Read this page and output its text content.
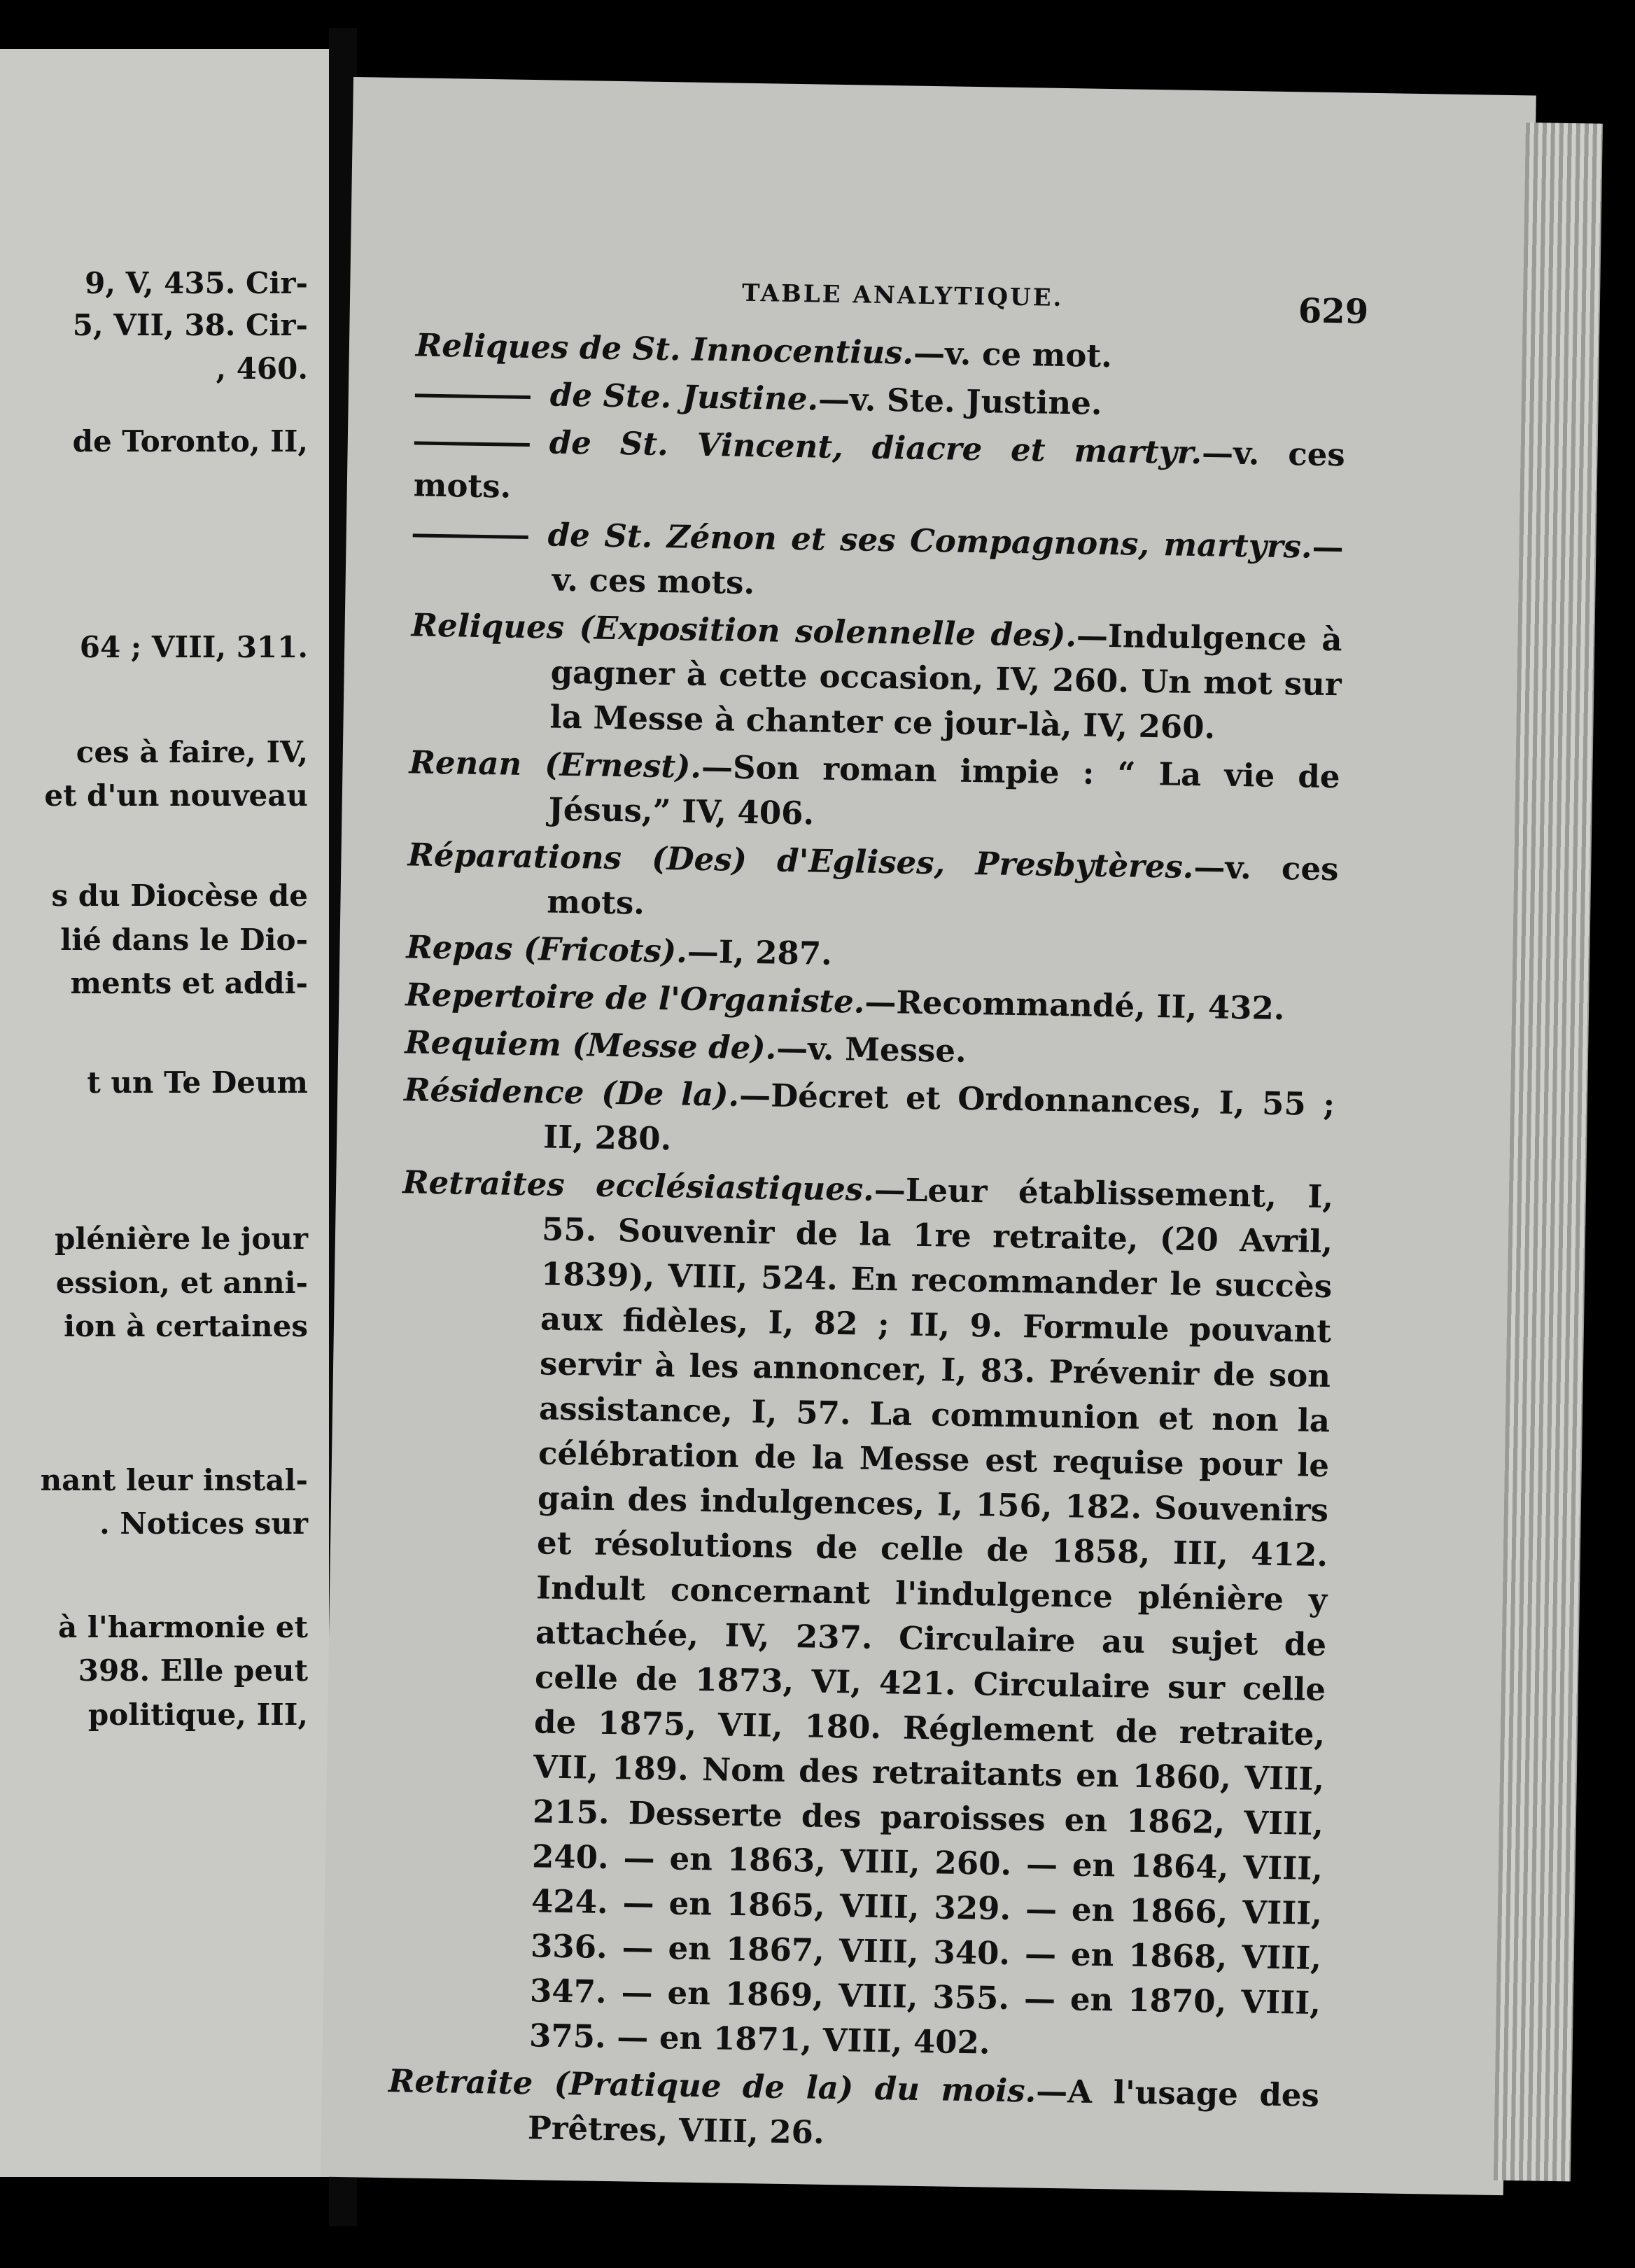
9, V, 435. Cir-
5, VII, 38. Cir-
, 460.
de Toronto, II,
64 ; VIII, 311.
ces à faire, IV,
et d'un nouveau
s du Diocèse de
lié dans le Dio-
ments et addi-
t un Te Deum
plénière le jour
ession, et anni-
ion à certaines
nant leur instal-
. Notices sur
à l'harmonie et
398. Elle peut
politique, III,
TABLE ANALYTIQUE.	629
Reliques de St. Innocentius.—v. ce mot.
de Ste. Justine.—v. Ste. Justine.
de St. Vincent, diacre et martyr.—v. ces mots.
de St. Zénon et ses Compagnons, martyrs.—v. ces mots.
Reliques (Exposition solennelle des).—Indulgence à gagner à cette occasion, IV, 260. Un mot sur la Messe à chanter ce jour-là, IV, 260.
Renan (Ernest).—Son roman impie : “ La vie de Jésus,” IV, 406.
Réparations (Des) d'Eglises, Presbytères.—v. ces mots.
Repas (Fricots).—I, 287.
Repertoire de l'Organiste.—Recommandé, II, 432.
Requiem (Messe de).—v. Messe.
Résidence (De la).—Décret et Ordonnances, I, 55 ; II, 280.
Retraites ecclésiastiques.—Leur établissement, I, 55. Souvenir de la 1re retraite, (20 Avril, 1839), VIII, 524. En recommander le succès aux fidèles, I, 82 ; II, 9. Formule pouvant servir à les annoncer, I, 83. Prévenir de son assistance, I, 57. La communion et non la célébration de la Messe est requise pour le gain des indulgences, I, 156, 182. Souvenirs et résolutions de celle de 1858, III, 412. Indult concernant l'indulgence plénière y attachée, IV, 237. Circulaire au sujet de celle de 1873, VI, 421. Circulaire sur celle de 1875, VII, 180. Réglement de retraite, VII, 189. Nom des retraitants en 1860, VIII, 215. Desserte des paroisses en 1862, VIII, 240. — en 1863, VIII, 260. — en 1864, VIII, 424. — en 1865, VIII, 329. — en 1866, VIII, 336. — en 1867, VIII, 340. — en 1868, VIII, 347. — en 1869, VIII, 355. — en 1870, VIII, 375. — en 1871, VIII, 402.
Retraite (Pratique de la) du mois.—A l'usage des Prêtres, VIII, 26.
